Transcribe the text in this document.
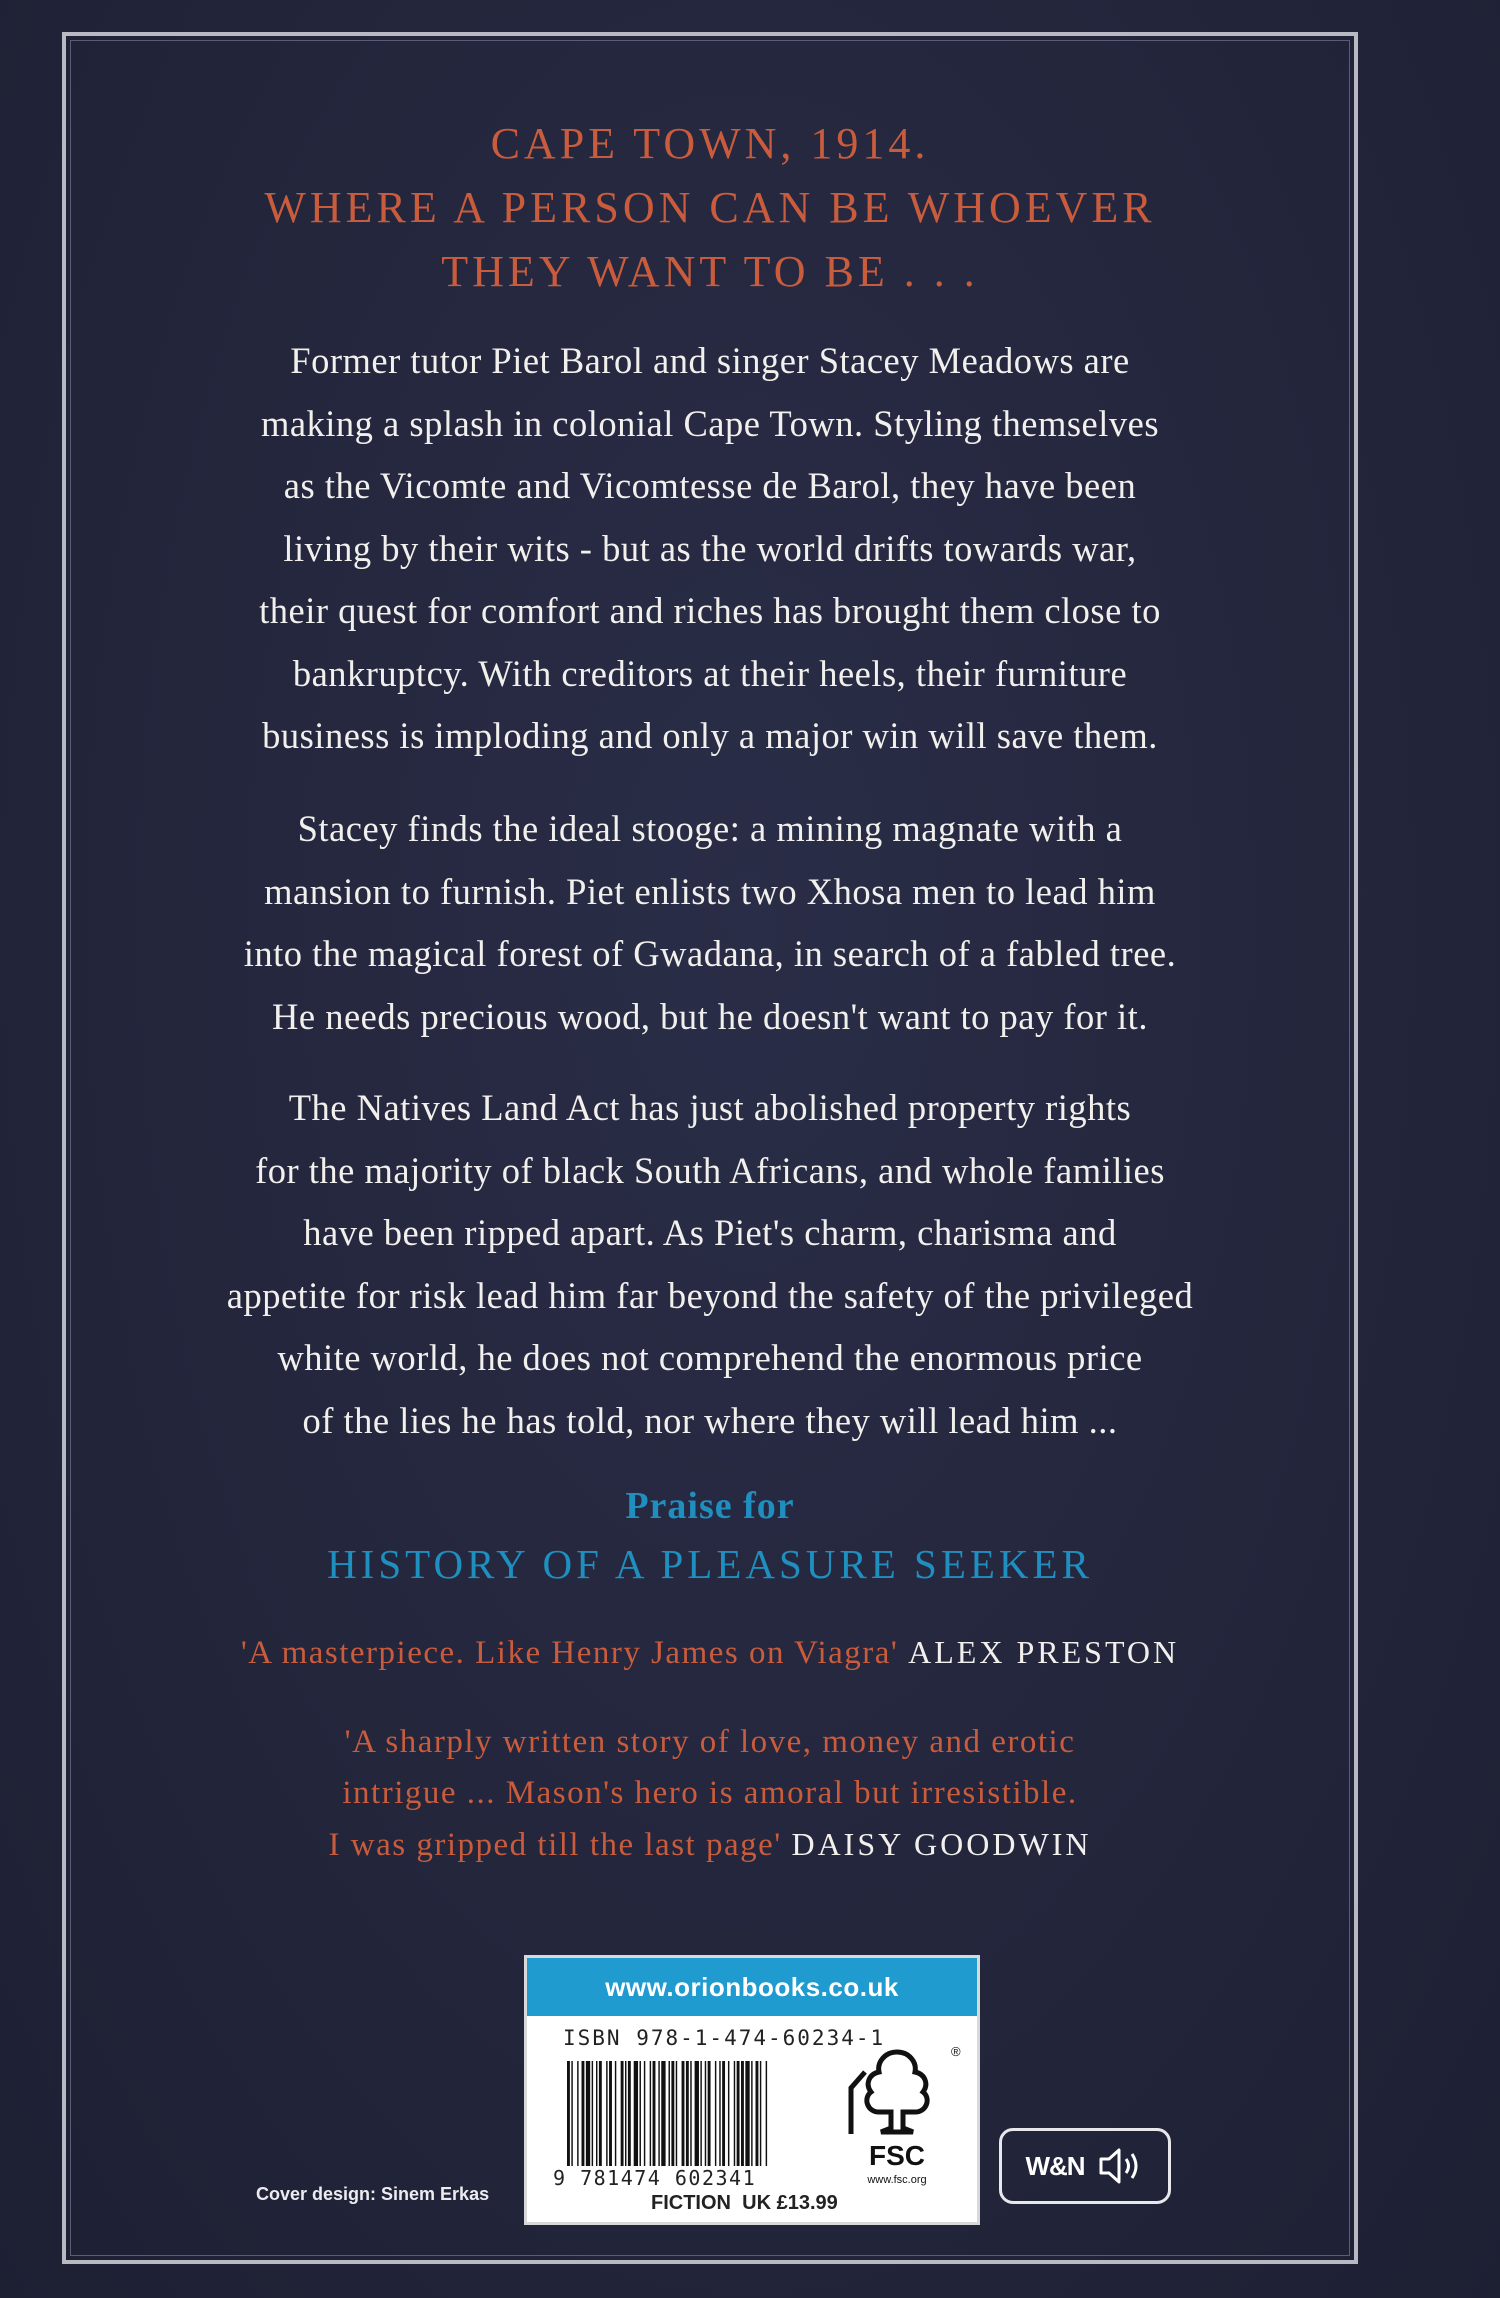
CAPE TOWN, 1914.
WHERE A PERSON CAN BE WHOEVER
THEY WANT TO BE . . .
Former tutor Piet Barol and singer Stacey Meadows are
making a splash in colonial Cape Town. Styling themselves
as the Vicomte and Vicomtesse de Barol, they have been
living by their wits - but as the world drifts towards war,
their quest for comfort and riches has brought them close to
bankruptcy. With creditors at their heels, their furniture
business is imploding and only a major win will save them.
Stacey finds the ideal stooge: a mining magnate with a
mansion to furnish. Piet enlists two Xhosa men to lead him
into the magical forest of Gwadana, in search of a fabled tree.
He needs precious wood, but he doesn't want to pay for it.
The Natives Land Act has just abolished property rights
for the majority of black South Africans, and whole families
have been ripped apart. As Piet's charm, charisma and
appetite for risk lead him far beyond the safety of the privileged
white world, he does not comprehend the enormous price
of the lies he has told, nor where they will lead him ...
Praise for
HISTORY OF A PLEASURE SEEKER
'A masterpiece. Like Henry James on Viagra' ALEX PRESTON
'A sharply written story of love, money and erotic
intrigue ... Mason's hero is amoral but irresistible.
I was gripped till the last page' DAISY GOODWIN
www.orionbooks.co.uk
ISBN 978-1-474-60234-1
9 781474 602341
FICTION UK £13.99
®
FSC
www.fsc.org	W&N
Cover design: Sinem Erkas
